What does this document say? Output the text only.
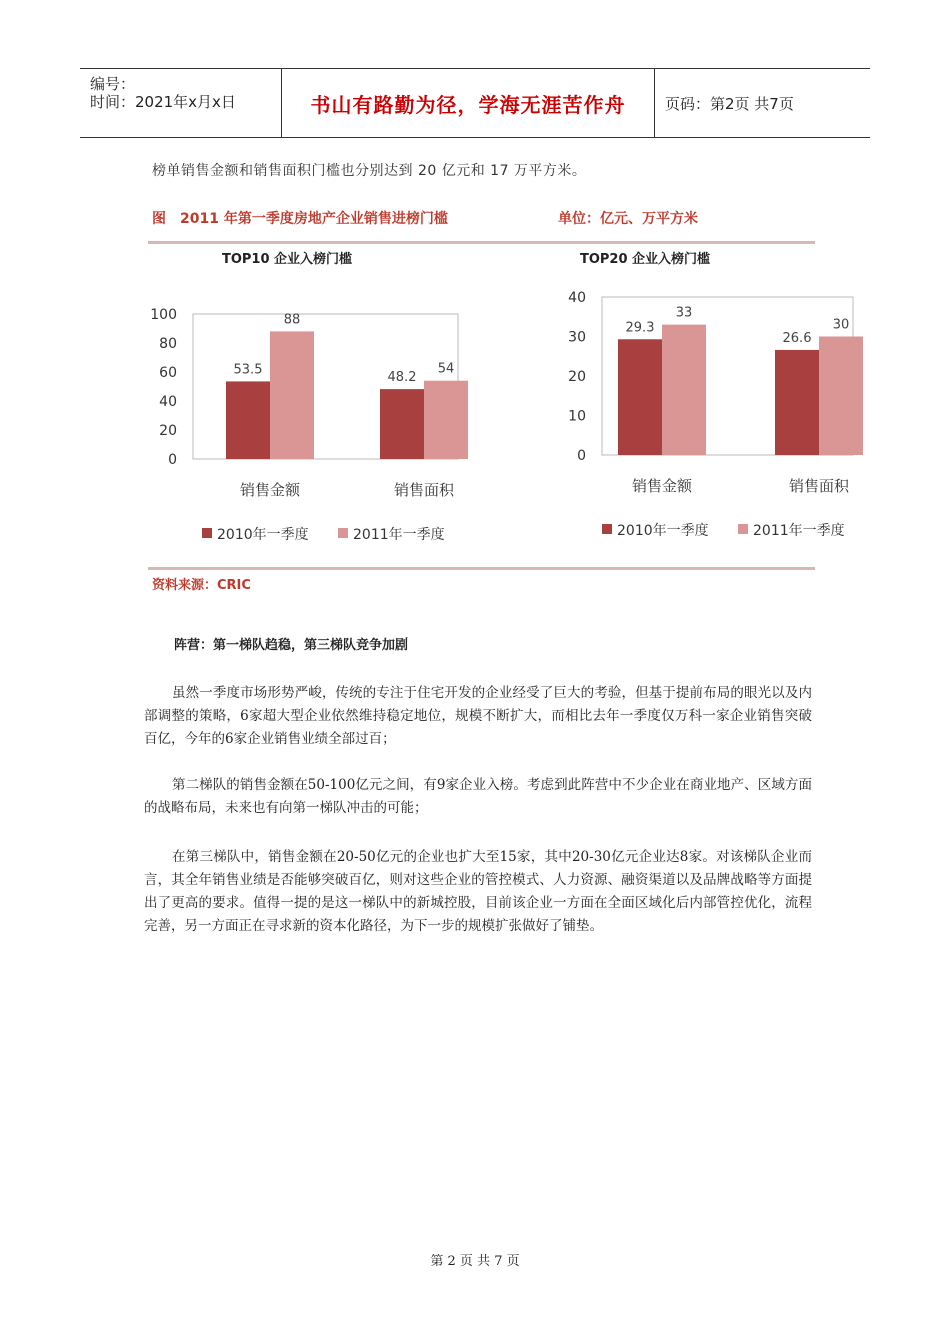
编号：
时间：2021年x月x日	书山有路勤为径，学海无涯苦作舟	页码：第2页 共7页
榜单销售金额和销售面积门槛也分别达到 20 亿元和 17 万平方米。
图　2011 年第一季度房地产企业销售进榜门槛	单位：亿元、万平方米
TOP10 企业入榜门槛
0
20
40
60
80
100
53.5
88
销售金额
48.2
54
销售面积
2010年一季度	2011年一季度
TOP20 企业入榜门槛
0
10
20
30
40
29.3
33
销售金额
26.6
30
销售面积
2010年一季度	2011年一季度
资料来源：CRIC
阵营：第一梯队趋稳，第三梯队竞争加剧
虽然一季度市场形势严峻，传统的专注于住宅开发的企业经受了巨大的考验，但基于提前布局的眼光以及内部调整的策略，6家超大型企业依然维持稳定地位，规模不断扩大，而相比去年一季度仅万科一家企业销售突破百亿，今年的6家企业销售业绩全部过百；
第二梯队的销售金额在50-100亿元之间，有9家企业入榜。考虑到此阵营中不少企业在商业地产、区域方面的战略布局，未来也有向第一梯队冲击的可能；
在第三梯队中，销售金额在20-50亿元的企业也扩大至15家，其中20-30亿元企业达8家。对该梯队企业而言，其全年销售业绩是否能够突破百亿，则对这些企业的管控模式、人力资源、融资渠道以及品牌战略等方面提出了更高的要求。值得一提的是这一梯队中的新城控股，目前该企业一方面在全面区域化后内部管控优化，流程完善，另一方面正在寻求新的资本化路径，为下一步的规模扩张做好了铺垫。
第 2 页 共 7 页
